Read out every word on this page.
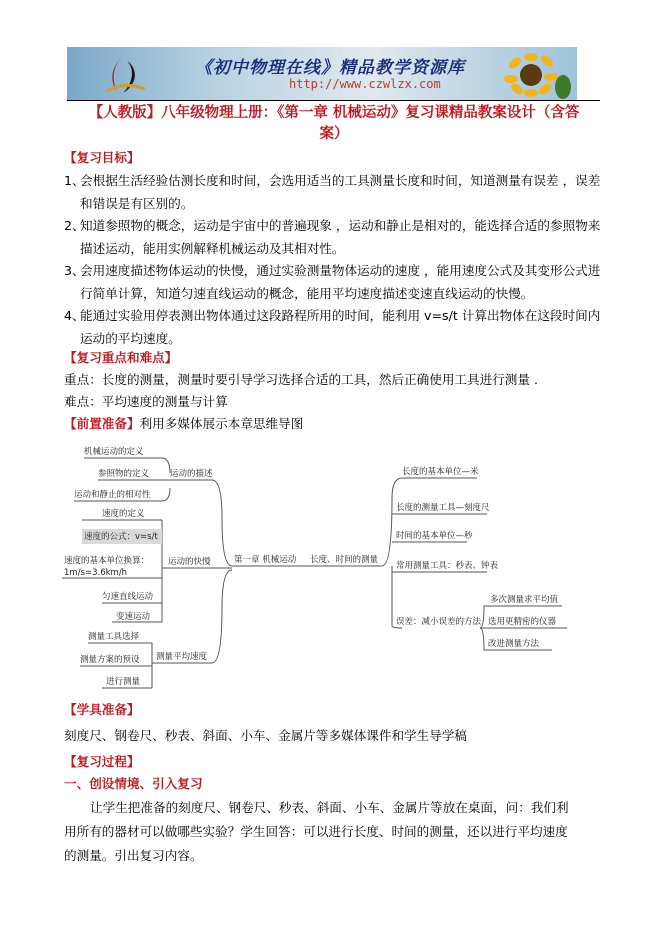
《初中物理在线》精品教学资源库
http://www.czwlzx.com
【人教版】八年级物理上册：《第一章 机械运动》复习课精品教案设计（含答
案）
【复习目标】
1、
会根据生活经验估测长度和时间，会选用适当的工具测量长度和时间，知道测量有误差 ，误差和错误是有区别的。
2、
知道参照物的概念，运动是宇宙中的普遍现象 ，运动和静止是相对的，能选择合适的参照物来描述运动，能用实例解释机械运动及其相对性。
3、
会用速度描述物体运动的快慢，通过实验测量物体运动的速度 ，能用速度公式及其变形公式进行简单计算，知道匀速直线运动的概念，能用平均速度描述变速直线运动的快慢。
4、
能通过实验用停表测出物体通过这段路程所用的时间，能利用 v=s/t 计算出物体在这段时间内运动的平均速度。
【复习重点和难点】
重点：长度的测量，测量时要引导学习选择合适的工具，然后正确使用工具进行测量 .
难点：平均速度的测量与计算
【前置准备】利用多媒体展示本章思维导图
机械运动的定义
参照物的定义
运动和静止的相对性
运动的描述
速度的定义
速度的公式：v=s/t
速度的基本单位换算：
1m/s=3.6km/h
匀速直线运动
变速运动
运动的快慢
测量工具选择
测量方案的预设
进行测量
测量平均速度
第一章 机械运动 长度、时间的测量
长度的基本单位—米
长度的测量工具—刻度尺
时间的基本单位—秒
常用测量工具：秒表、钟表
误差：减小误差的方法
多次测量求平均值
选用更精密的仪器
改进测量方法
【学具准备】
刻度尺、钢卷尺、秒表、斜面、小车、金属片等多媒体课件和学生导学稿
【复习过程】
一、创设情境、引入复习
让学生把准备的刻度尺、钢卷尺、秒表、斜面、小车、金属片等放在桌面，问：我们利
用所有的器材可以做哪些实验？学生回答：可以进行长度、时间的测量，还以进行平均速度
的测量。引出复习内容。
